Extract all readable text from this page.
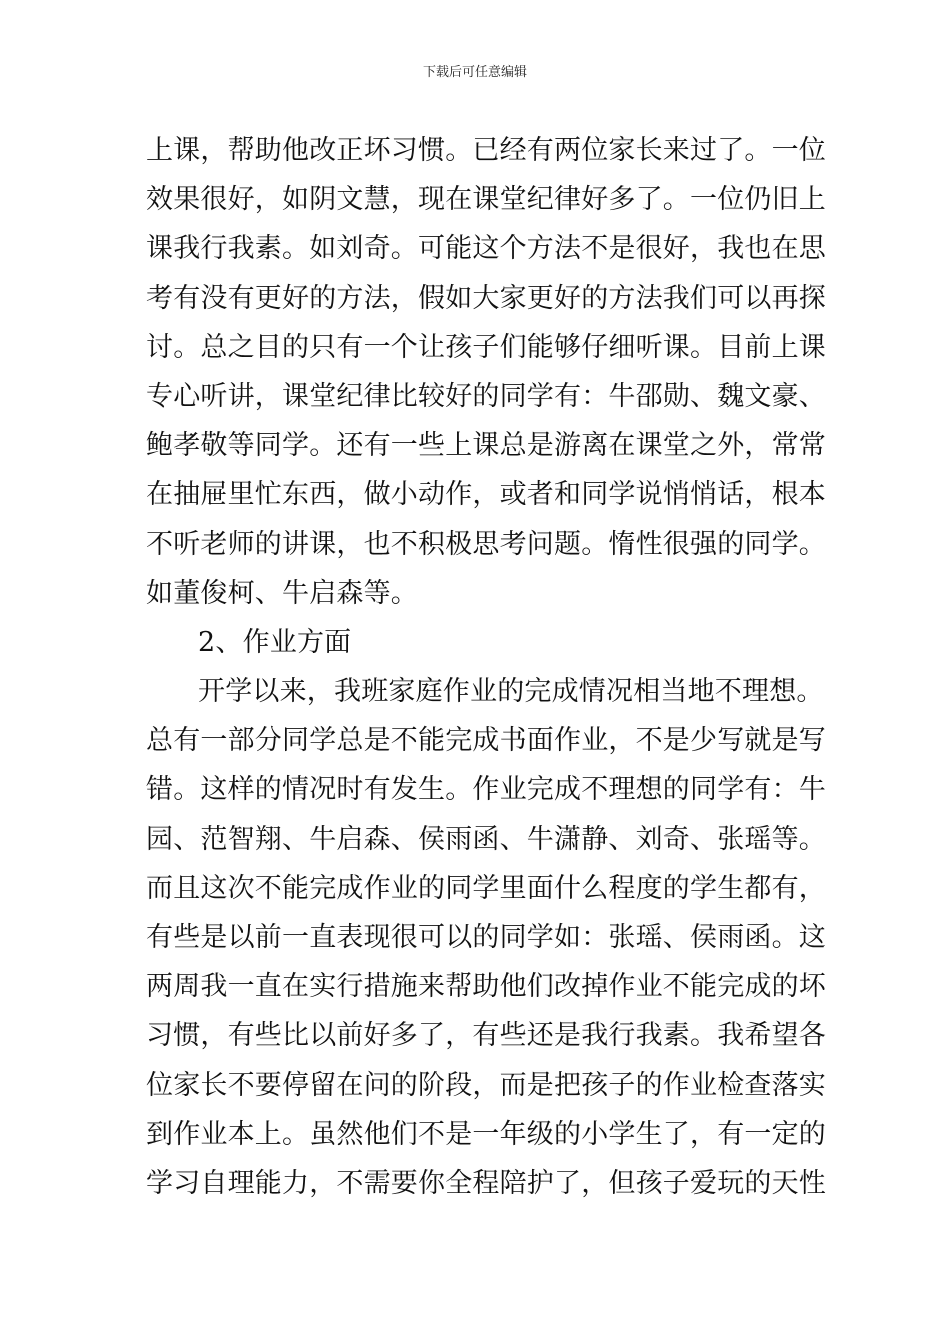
下载后可任意编辑
上课，帮助他改正坏习惯。已经有两位家长来过了。一位
效果很好，如阴文慧，现在课堂纪律好多了。一位仍旧上
课我行我素。如刘奇。可能这个方法不是很好，我也在思
考有没有更好的方法，假如大家更好的方法我们可以再探
讨。总之目的只有一个让孩子们能够仔细听课。目前上课
专心听讲，课堂纪律比较好的同学有：牛邵勋、魏文豪、
鲍孝敬等同学。还有一些上课总是游离在课堂之外，常常
在抽屉里忙东西，做小动作，或者和同学说悄悄话，根本
不听老师的讲课，也不积极思考问题。惰性很强的同学。
如董俊柯、牛启森等。
2、作业方面
开学以来，我班家庭作业的完成情况相当地不理想。
总有一部分同学总是不能完成书面作业，不是少写就是写
错。这样的情况时有发生。作业完成不理想的同学有：牛
园、范智翔、牛启森、侯雨函、牛潇静、刘奇、张瑶等。
而且这次不能完成作业的同学里面什么程度的学生都有，
有些是以前一直表现很可以的同学如：张瑶、侯雨函。这
两周我一直在实行措施来帮助他们改掉作业不能完成的坏
习惯，有些比以前好多了，有些还是我行我素。我希望各
位家长不要停留在问的阶段，而是把孩子的作业检查落实
到作业本上。虽然他们不是一年级的小学生了，有一定的
学习自理能力，不需要你全程陪护了，但孩子爱玩的天性
